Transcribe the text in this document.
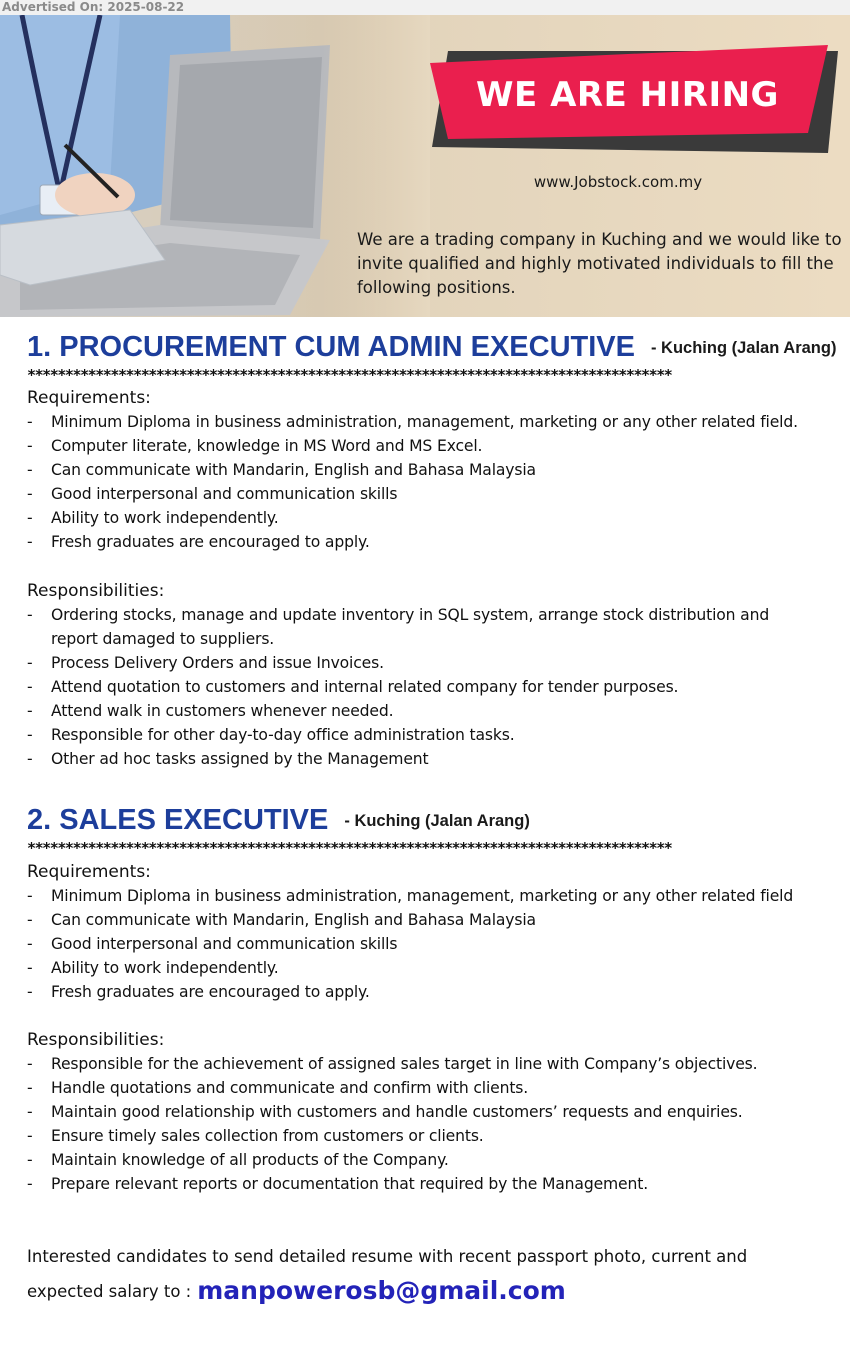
Advertised On: 2025-08-22
WE ARE HIRING
www.Jobstock.com.my
We are a trading company in Kuching and we would like to invite qualified and highly motivated individuals to fill the following positions.
1. PROCUREMENT CUM ADMIN EXECUTIVE - Kuching (Jalan Arang)
*************************************************************************************
Requirements:
- Minimum Diploma in business administration, management, marketing or any other related field.
- Computer literate, knowledge in MS Word and MS Excel.
- Can communicate with Mandarin, English and Bahasa Malaysia
- Good interpersonal and communication skills
- Ability to work independently.
- Fresh graduates are encouraged to apply.
Responsibilities:
- Ordering stocks, manage and update inventory in SQL system, arrange stock distribution and report damaged to suppliers.
- Process Delivery Orders and issue Invoices.
- Attend quotation to customers and internal related company for tender purposes.
- Attend walk in customers whenever needed.
- Responsible for other day-to-day office administration tasks.
- Other ad hoc tasks assigned by the Management
2. SALES EXECUTIVE - Kuching (Jalan Arang)
*************************************************************************************
Requirements:
- Minimum Diploma in business administration, management, marketing or any other related field
- Can communicate with Mandarin, English and Bahasa Malaysia
- Good interpersonal and communication skills
- Ability to work independently.
- Fresh graduates are encouraged to apply.
Responsibilities:
- Responsible for the achievement of assigned sales target in line with Company’s objectives.
- Handle quotations and communicate and confirm with clients.
- Maintain good relationship with customers and handle customers’ requests and enquiries.
- Ensure timely sales collection from customers or clients.
- Maintain knowledge of all products of the Company.
- Prepare relevant reports or documentation that required by the Management.
Interested candidates to send detailed resume with recent passport photo, current and
expected salary to : manpowerosb@gmail.com
